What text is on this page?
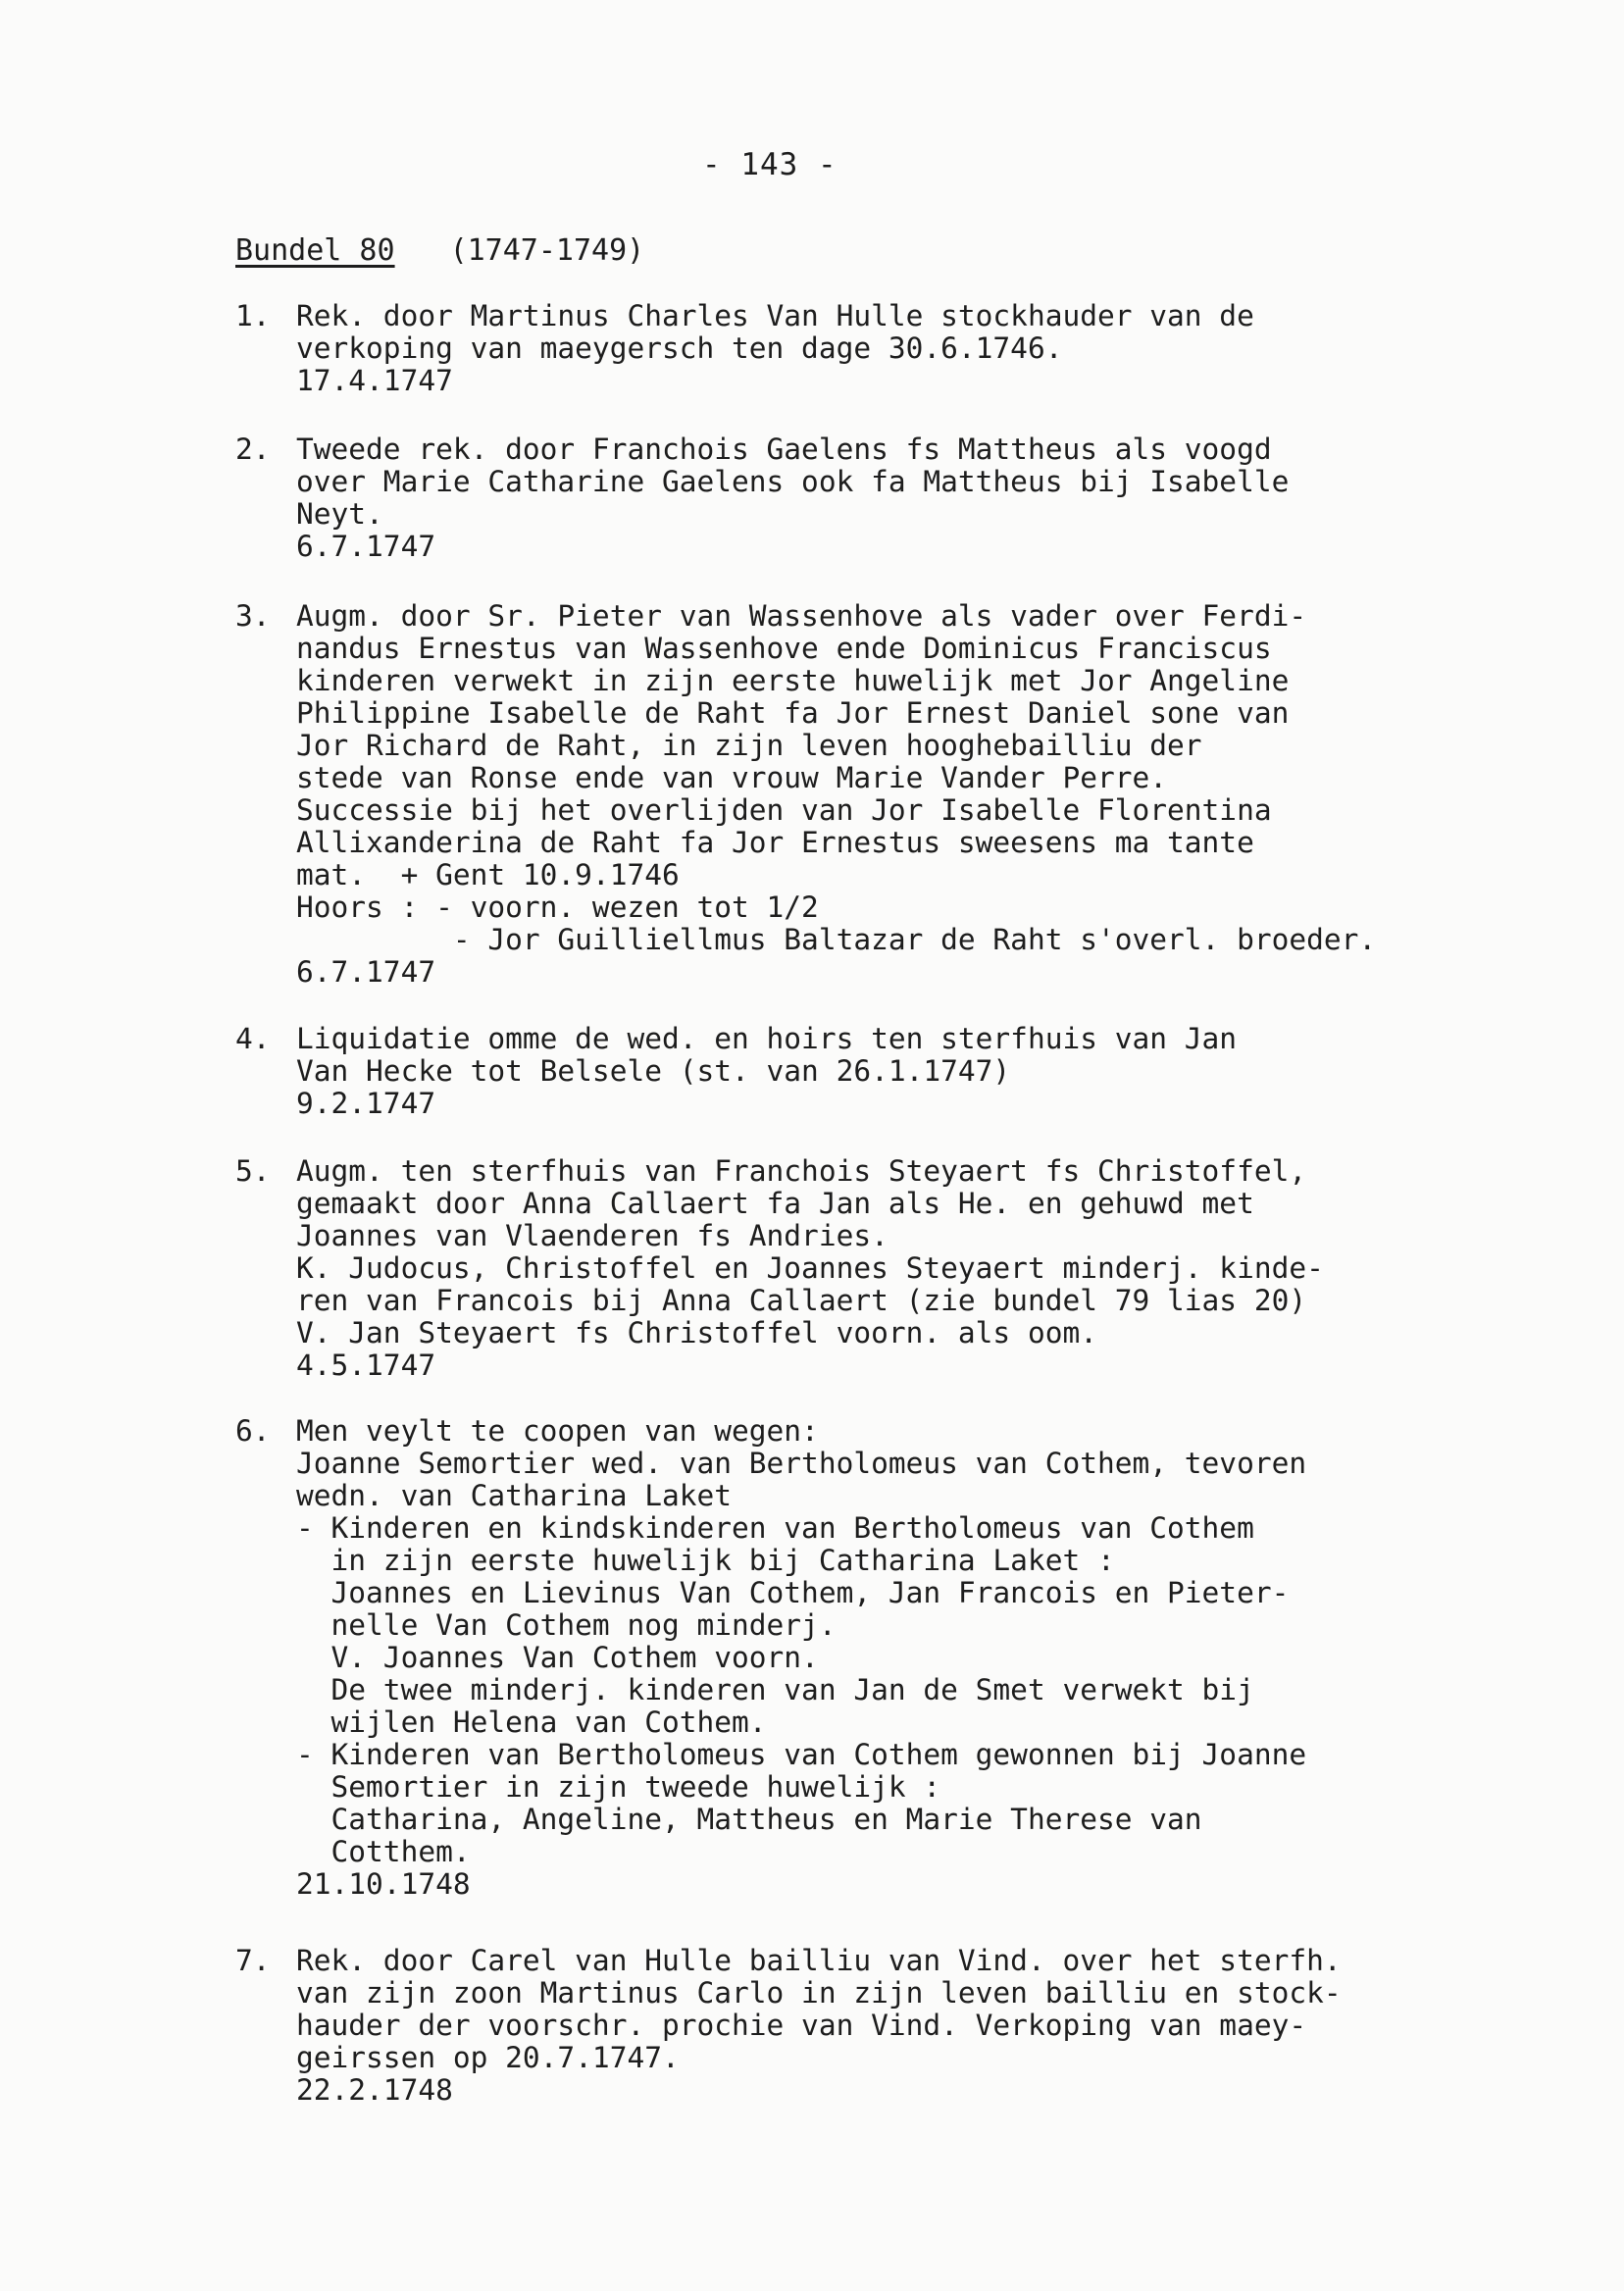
- 143 -
Bundel 80 (1747-1749)
1. Rek. door Martinus Charles Van Hulle stockhauder van de
verkoping van maeygersch ten dage 30.6.1746.
17.4.1747
2. Tweede rek. door Franchois Gaelens fs Mattheus als voogd
over Marie Catharine Gaelens ook fa Mattheus bij Isabelle
Neyt.
6.7.1747
3. Augm. door Sr. Pieter van Wassenhove als vader over Ferdi-
nandus Ernestus van Wassenhove ende Dominicus Franciscus
kinderen verwekt in zijn eerste huwelijk met Jor Angeline
Philippine Isabelle de Raht fa Jor Ernest Daniel sone van
Jor Richard de Raht, in zijn leven hooghebailliu der
stede van Ronse ende van vrouw Marie Vander Perre.
Successie bij het overlijden van Jor Isabelle Florentina
Allixanderina de Raht fa Jor Ernestus sweesens ma tante
mat.  + Gent 10.9.1746
Hoors : - voorn. wezen tot 1/2
- Jor Guilliellmus Baltazar de Raht s'overl. broeder.
6.7.1747
4. Liquidatie omme de wed. en hoirs ten sterfhuis van Jan
Van Hecke tot Belsele (st. van 26.1.1747)
9.2.1747
5. Augm. ten sterfhuis van Franchois Steyaert fs Christoffel,
gemaakt door Anna Callaert fa Jan als He. en gehuwd met
Joannes van Vlaenderen fs Andries.
K. Judocus, Christoffel en Joannes Steyaert minderj. kinde-
ren van Francois bij Anna Callaert (zie bundel 79 lias 20)
V. Jan Steyaert fs Christoffel voorn. als oom.
4.5.1747
6. Men veylt te coopen van wegen:
Joanne Semortier wed. van Bertholomeus van Cothem, tevoren
wedn. van Catharina Laket
- Kinderen en kindskinderen van Bertholomeus van Cothem
in zijn eerste huwelijk bij Catharina Laket :
Joannes en Lievinus Van Cothem, Jan Francois en Pieter-
nelle Van Cothem nog minderj.
V. Joannes Van Cothem voorn.
De twee minderj. kinderen van Jan de Smet verwekt bij
wijlen Helena van Cothem.
- Kinderen van Bertholomeus van Cothem gewonnen bij Joanne
Semortier in zijn tweede huwelijk :
Catharina, Angeline, Mattheus en Marie Therese van
Cotthem.
21.10.1748
7. Rek. door Carel van Hulle bailliu van Vind. over het sterfh.
van zijn zoon Martinus Carlo in zijn leven bailliu en stock-
hauder der voorschr. prochie van Vind. Verkoping van maey-
geirssen op 20.7.1747.
22.2.1748
